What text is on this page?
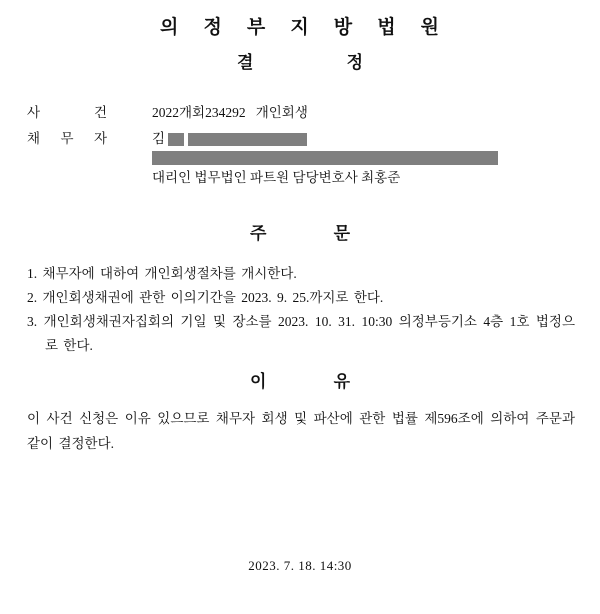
의 정 부 지 방 법 원
결 정
사 건	2022개회234292   개인회생
채 무 자	김
대리인 법무법인 파트원 담당변호사 최홍준
주 문

1. 채무자에 대하여 개인회생절차를 개시한다.

2. 개인회생채권에 관한 이의기간을 2023. 9. 25.까지로 한다.

3. 개인회생채권자집회의 기일 및 장소를 2023. 10. 31. 10:30 의정부등기소 4층 1호 법정으로 한다.

이 유

이 사건 신청은 이유 있으므로 채무자 회생 및 파산에 관한 법률 제596조에 의하여 주문과 같이 결정한다.

2023. 7. 18. 14:30
